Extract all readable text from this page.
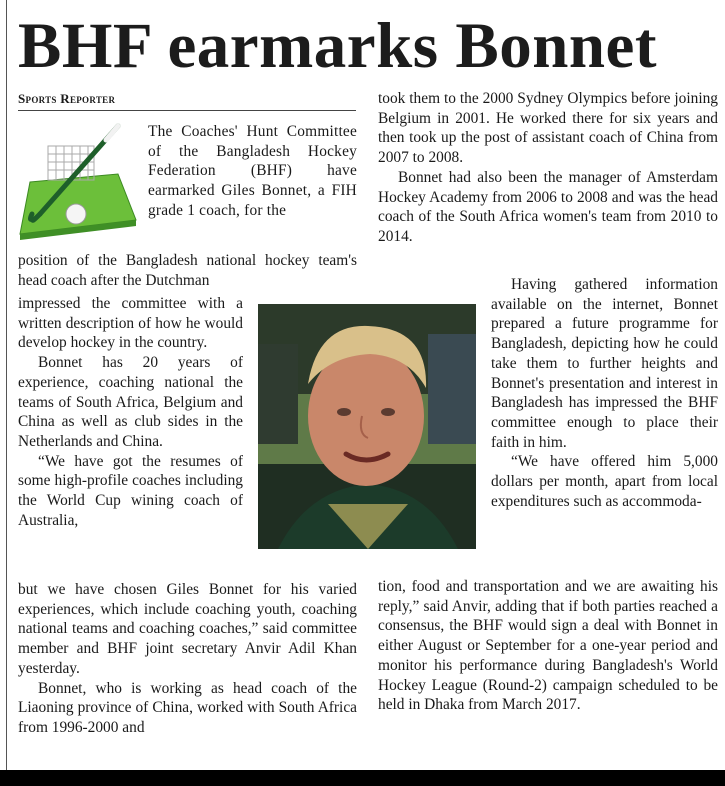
BHF earmarks Bonnet
Sports Reporter

The Coaches' Hunt Committee of the Bangladesh Hockey Federation (BHF) have earmarked Giles Bonnet, a FIH grade 1 coach, for the

position of the Bangladesh national hockey team's head coach after the Dutchman

impressed the committee with a written description of how he would develop hockey in the country.

Bonnet has 20 years of experience, coaching national the teams of South Africa, Belgium and China as well as club sides in the Netherlands and China.

“We have got the resumes of some high-profile coaches including the World Cup wining coach of Australia,

but we have chosen Giles Bonnet for his varied experiences, which include coaching youth, coaching national teams and coaching coaches,” said committee member and BHF joint secretary Anvir Adil Khan yesterday.

Bonnet, who is working as head coach of the Liaoning province of China, worked with South Africa from 1996-2000 and

took them to the 2000 Sydney Olympics before joining Belgium in 2001. He worked there for six years and then took up the post of assistant coach of China from 2007 to 2008.

Bonnet had also been the manager of Amsterdam Hockey Academy from 2006 to 2008 and was the head coach of the South Africa women's team from 2010 to 2014.

Having gathered information available on the internet, Bonnet prepared a future programme for Bangladesh, depicting how he could take them to further heights and Bonnet's presentation and interest in Bangladesh has impressed the BHF committee enough to place their faith in him.

“We have offered him 5,000 dollars per month, apart from local expenditures such as accommoda-

tion, food and transportation and we are awaiting his reply,” said Anvir, adding that if both parties reached a consensus, the BHF would sign a deal with Bonnet in either August or September for a one-year period and monitor his performance during Bangladesh's World Hockey League (Round-2) campaign scheduled to be held in Dhaka from March 2017.
